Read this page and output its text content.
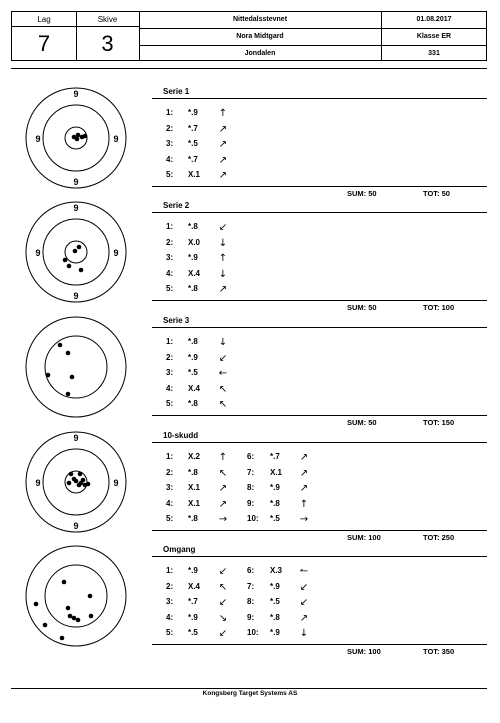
Lag
7
Skive
3
Nittedalsstevnet	01.08.2017
Nora Midtgard	Klasse ER
Jondalen	331
9
9
9	9
Serie 1
1: *.9 ↑
2: *.7 ↗
3: *.5 ↗
4: *.7 ↗
5: X.1 ↗
SUM: 50	TOT: 50
9
9
9	9
Serie 2
1: *.8 ↙
2: X.0 ↓
3: *.9 ↑
4: X.4 ↓
5: *.8 ↗
SUM: 50	TOT: 100
Serie 3
1: *.8 ↓
2: *.9 ↙
3: *.5 ←
4: X.4 ↖
5: *.8 ↖
SUM: 50	TOT: 150
9
9
9	9
10-skudd
1: X.2 ↑ 6: *.7 ↗
2: *.8 ↖ 7: X.1 ↗
3: X.1 ↗ 8: *.9 ↗
4: X.1 ↗ 9: *.8 ↑
5: *.8 → 10: *.5 →
SUM: 100	TOT: 250
Omgang
1: *.9 ↙ 6: X.3 ↼
2: X.4 ↖ 7: *.9 ↙
3: *.7 ↙ 8: *.5 ↙
4: *.9 ↘ 9: *.8 ↗
5: *.5 ↙ 10: *.9 ↓
SUM: 100	TOT: 350
Kongsberg Target Systems AS
